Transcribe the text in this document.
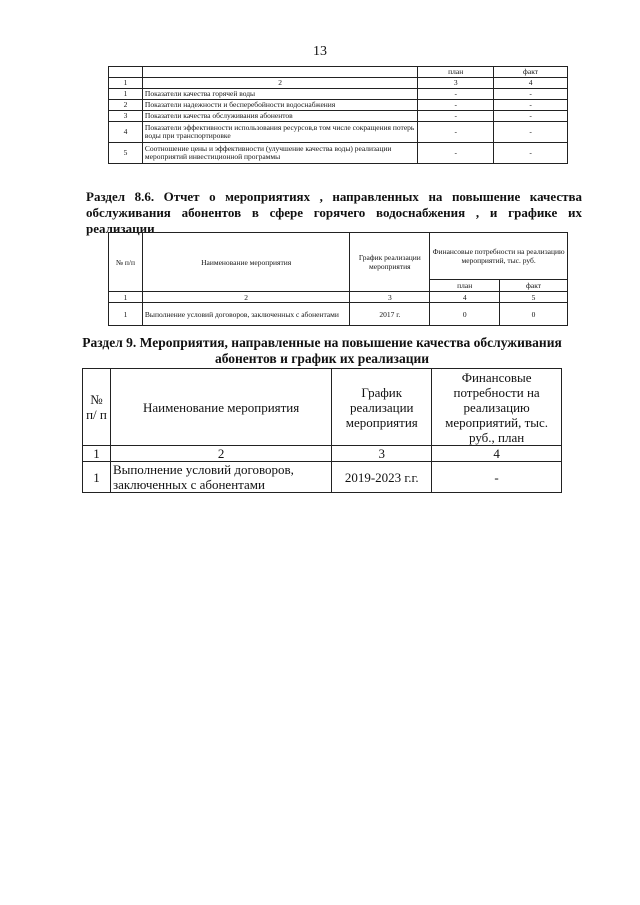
13
		план	факт
1	2	3	4
1	Показатели качества горячей воды	-	-
2	Показатели надежности и бесперебойности водоснабжения	-	-
3	Показатели качества обслуживания абонентов	-	-
4	Показатели эффективности использования ресурсов,в том числе сокращения потерь воды при транспортировке	-	-
5	Соотношение цены и эффективности (улучшение качества воды) реализации мероприятий инвестиционной программы	-	-
Раздел 8.6. Отчет о мероприятиях , направленных на повышение качества обслуживания абонентов в сфере горячего водоснабжения , и графике их реализации
№ п/п	Наименование мероприятия	График реализации мероприятия	Финансовые потребности на реализацию мероприятий, тыс. руб.	
			план	факт
1	2	3	4	5
1	Выполнение условий договоров, заключенных с абонентами	2017 г.	0	0
Раздел 9. Мероприятия, направленные на повышение качества обслуживания абонентов и график их реализации
№ п/ п	Наименование мероприятия	График реализации мероприятия	Финансовые потребности на реализацию мероприятий, тыс. руб., план
1	2	3	4
1	Выполнение условий договоров, заключенных с абонентами	2019-2023 г.г.	-
